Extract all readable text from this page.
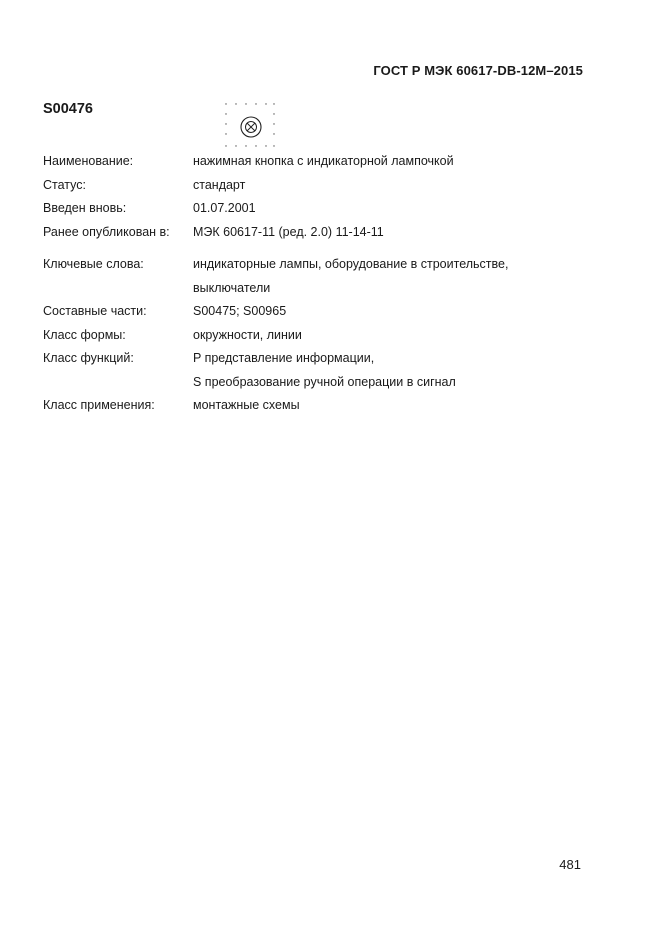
ГОСТ Р МЭК 60617-DB-12M–2015
S00476
Наименование:	нажимная кнопка с индикаторной лампочкой
Статус:	стандарт
Введен вновь:	01.07.2001
Ранее опубликован в: МЭК 60617-11 (ред. 2.0) 11-14-11
Ключевые слова:	индикаторные лампы, оборудование в строительстве,
выключатели
Составные части:	S00475; S00965
Класс формы:	окружности, линии
Класс функций:	P представление информации,
S преобразование ручной операции в сигнал
Класс применения:	монтажные схемы
481
